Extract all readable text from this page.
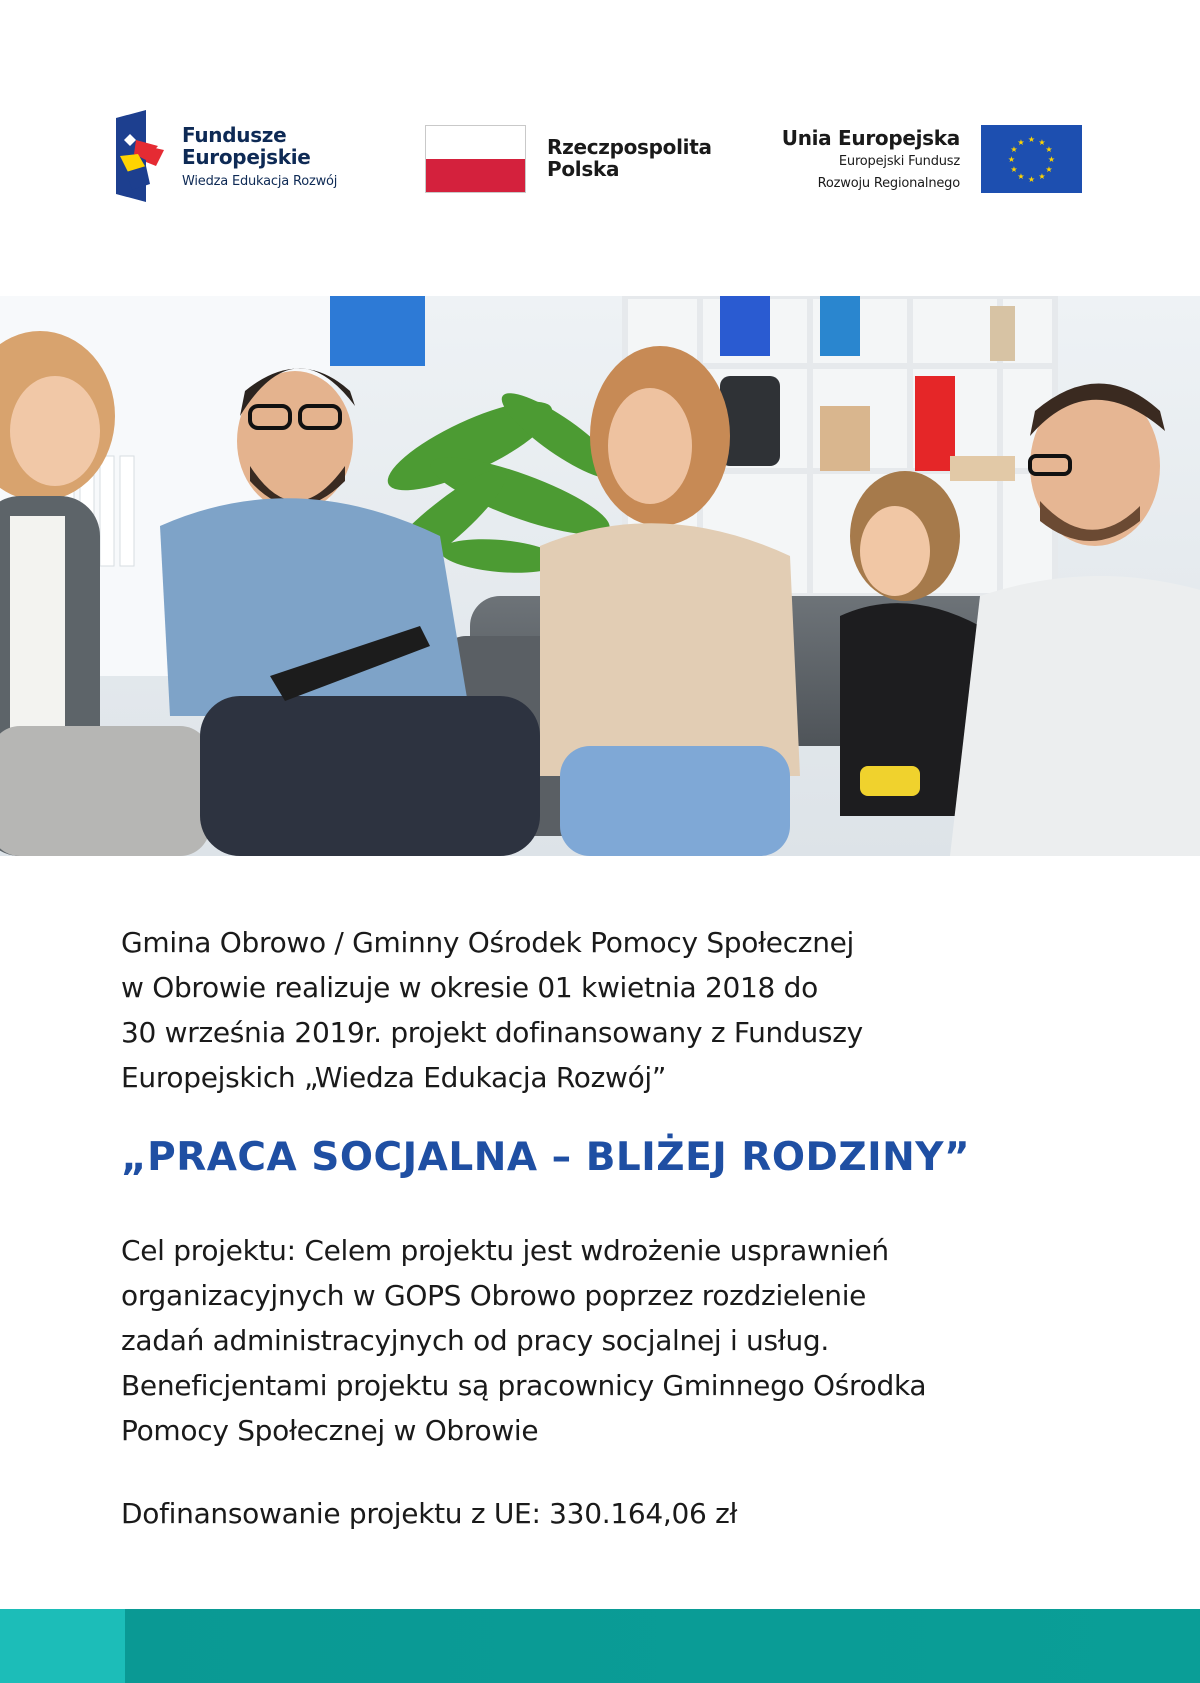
Fundusze
Europejskie
Wiedza Edukacja Rozwój
Rzeczpospolita
Polska
Unia Europejska
Europejski Fundusz
Rozwoju Regionalnego
★ ★
★
★
★
★
★
★
★
★
★
★
Gmina Obrowo / Gminny Ośrodek Pomocy Społecznej
w Obrowie realizuje w okresie 01 kwietnia 2018 do
30 września 2019r. projekt dofinansowany z Funduszy
Europejskich „Wiedza Edukacja Rozwój”
„PRACA SOCJALNA – BLIŻEJ RODZINY”
Cel projektu: Celem projektu jest wdrożenie usprawnień
organizacyjnych w GOPS Obrowo poprzez rozdzielenie
zadań administracyjnych od pracy socjalnej i usług.
Beneficjentami projektu są pracownicy Gminnego Ośrodka
Pomocy Społecznej w Obrowie
Dofinansowanie projektu z UE: 330.164,06 zł
